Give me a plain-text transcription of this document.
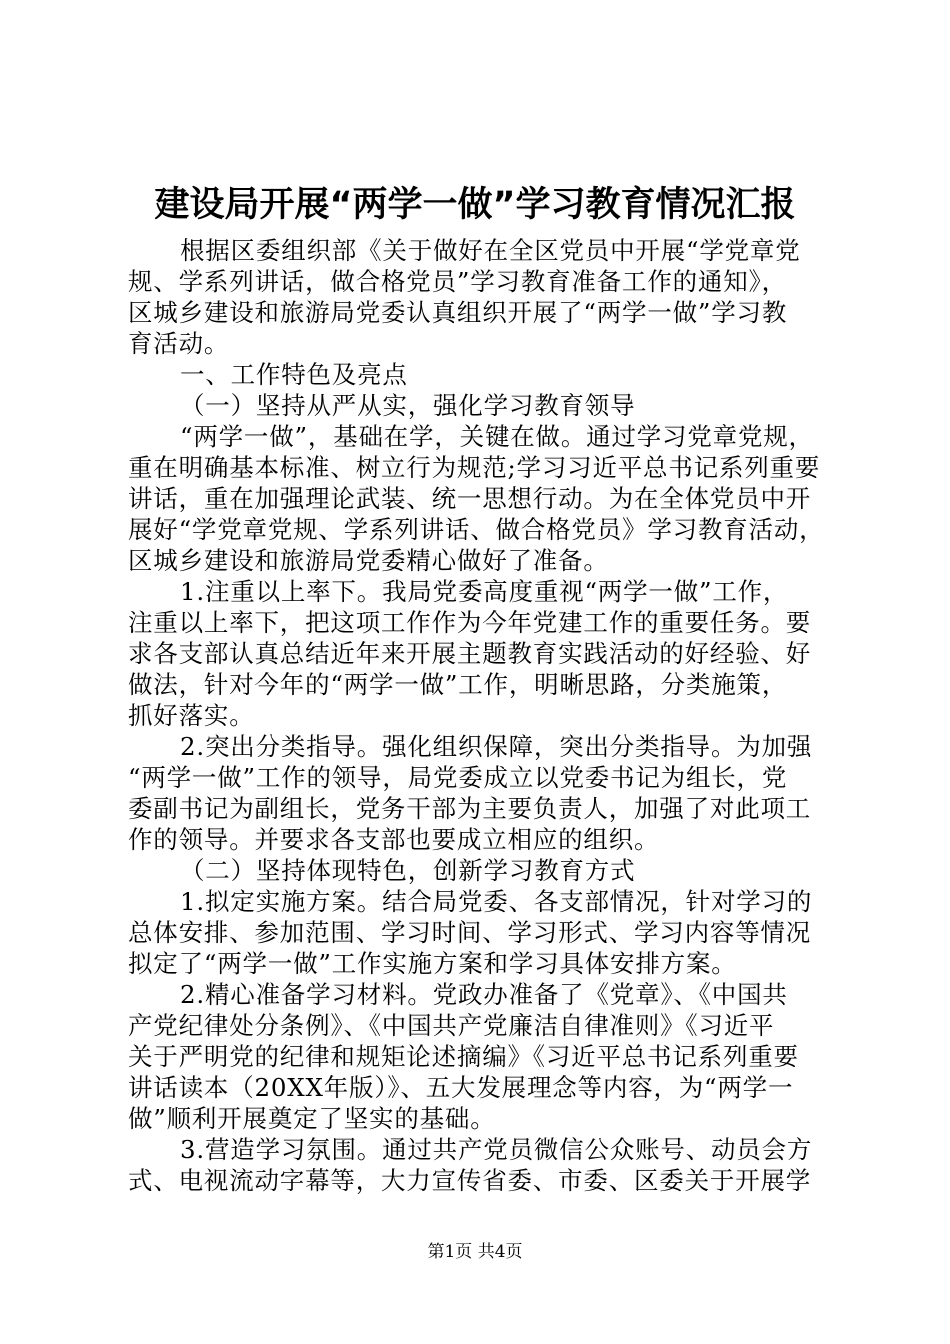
建设局开展“两学一做”学习教育情况汇报
根据区委组织部《关于做好在全区党员中开展“学党章党
规、学系列讲话，做合格党员”学习教育准备工作的通知》，
区城乡建设和旅游局党委认真组织开展了“两学一做”学习教
育活动。
一、工作特色及亮点
（一）坚持从严从实，强化学习教育领导
“两学一做”，基础在学，关键在做。通过学习党章党规，
重在明确基本标准、树立行为规范;学习习近平总书记系列重要
讲话，重在加强理论武装、统一思想行动。为在全体党员中开
展好“学党章党规、学系列讲话、做合格党员》学习教育活动，
区城乡建设和旅游局党委精心做好了准备。
1.注重以上率下。我局党委高度重视“两学一做”工作，
注重以上率下，把这项工作作为今年党建工作的重要任务。要
求各支部认真总结近年来开展主题教育实践活动的好经验、好
做法，针对今年的“两学一做”工作，明晰思路，分类施策，
抓好落实。
2.突出分类指导。强化组织保障，突出分类指导。为加强
“两学一做”工作的领导，局党委成立以党委书记为组长，党
委副书记为副组长，党务干部为主要负责人，加强了对此项工
作的领导。并要求各支部也要成立相应的组织。
（二）坚持体现特色，创新学习教育方式
1.拟定实施方案。结合局党委、各支部情况，针对学习的
总体安排、参加范围、学习时间、学习形式、学习内容等情况
拟定了“两学一做”工作实施方案和学习具体安排方案。
2.精心准备学习材料。党政办准备了《党章》、《中国共
产党纪律处分条例》、《中国共产党廉洁自律准则》《习近平
关于严明党的纪律和规矩论述摘编》《习近平总书记系列重要
讲话读本（20XX年版）》、五大发展理念等内容，为“两学一
做”顺利开展奠定了坚实的基础。
3.营造学习氛围。通过共产党员微信公众账号、动员会方
式、电视流动字幕等，大力宣传省委、市委、区委关于开展学
第1页 共4页
